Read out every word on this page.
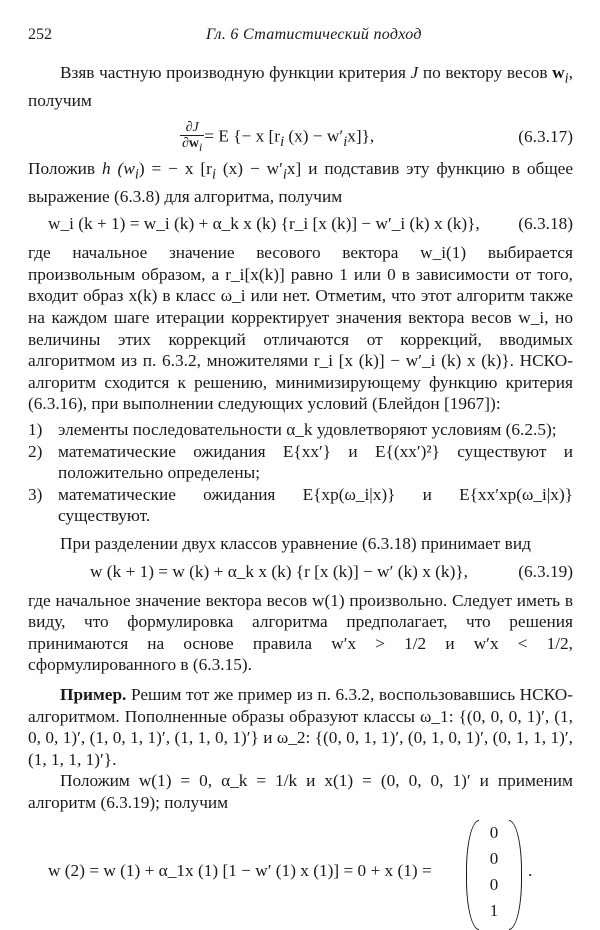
252	Гл. 6 Статистический подход

Взяв частную производную функции критерия J по вектору весов $w_i$, получим

$\frac{\partial J}{\partial w_i} = E$ {− x [$r_i$ $(x) - w'_ix$]},	(6.3.17)

Положив h $(w_i)$ = − x [$r_i$ $(x) - w'_ix$] и подставив эту функцию в общее выражение (6.3.8) для алгоритма, получим

w_i (k + 1) = w_i (k) + α_k x (k) {r_i [x (k)] − w′_i (k) x (k)}, (6.3.18)

где начальное значение весового вектора w_i(1) выбирается произвольным образом, а r_i[x(k)] равно 1 или 0 в зависимости от того, входит образ x(k) в класс ω_i или нет. Отметим, что этот алгоритм также на каждом шаге итерации корректирует значения вектора весов w_i, но величины этих коррекций отличаются от коррекций, вводимых алгоритмом из п. 6.3.2, множителями r_i [x (k)] − w′_i (k) x (k)}. НСКО-алгоритм сходится к решению, минимизирующему функцию критерия (6.3.16), при выполнении следующих условий (Блейдон [1967]):

1) элементы последовательности α_k удовлетворяют условиям (6.2.5);
2) математические ожидания E{xx′} и E{(xx′)²} существуют и положительно определены;
3) математические ожидания E{xp(ω_i|x)} и E{xx′xp(ω_i|x)} существуют.

При разделении двух классов уравнение (6.3.18) принимает вид

w (k + 1) = w (k) + α_k x (k) {r [x (k)] − w′ (k) x (k)},	(6.3.19)

где начальное значение вектора весов w(1) произвольно. Следует иметь в виду, что формулировка алгоритма предполагает, что решения принимаются на основе правила w′x > 1/2 и w′x < 1/2, сформулированного в (6.3.15).

Пример. Решим тот же пример из п. 6.3.2, воспользовавшись НСКО-алгоритмом. Пополненные образы образуют классы ω_1: {(0, 0, 0, 1)′, (1, 0, 0, 1)′, (1, 0, 1, 1)′, (1, 1, 0, 1)′} и ω_2: {(0, 0, 1, 1)′, (0, 1, 0, 1)′, (0, 1, 1, 1)′, (1, 1, 1, 1)′}.

Положим w(1) = 0, α_k = 1/k и x(1) = (0, 0, 0, 1)′ и применим алгоритм (6.3.19); получим

w (2) = w (1) + α_1x (1) [1 − w′ (1) x (1)] = 0 + x (1) =
0
0
0
1
.
